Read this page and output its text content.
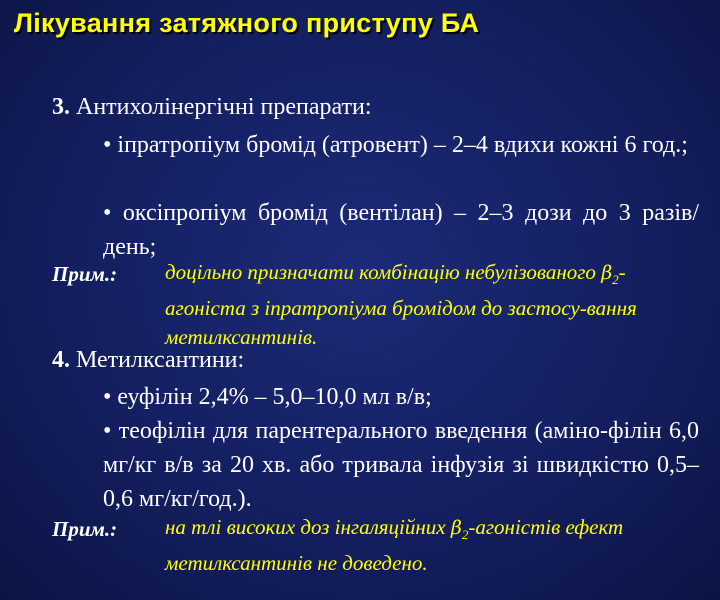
Лікування затяжного приступу БА
3. Антихолінергічні препарати:
• іпратропіум бромід (атровент) – 2–4 вдихи кожні 6 год.;
• оксіпропіум бромід (вентілан) – 2–3 дози до 3 разів/день;
Прим.: доцільно призначати комбінацію небулізованого $\beta_2$-агоніста з іпратропіума бромідом до застосу-вання метилксантинів.
4. Метилксантини:
• еуфілін 2,4% – 5,0–10,0 мл в/в;
• теофілін для парентерального введення (аміно-філін 6,0 мг/кг в/в за 20 хв. або тривала інфузія зі швидкістю 0,5–0,6 мг/кг/год.).
Прим.: на тлі високих доз інгаляційних $\beta_2$-агоністів ефект метилксантинів не доведено.
